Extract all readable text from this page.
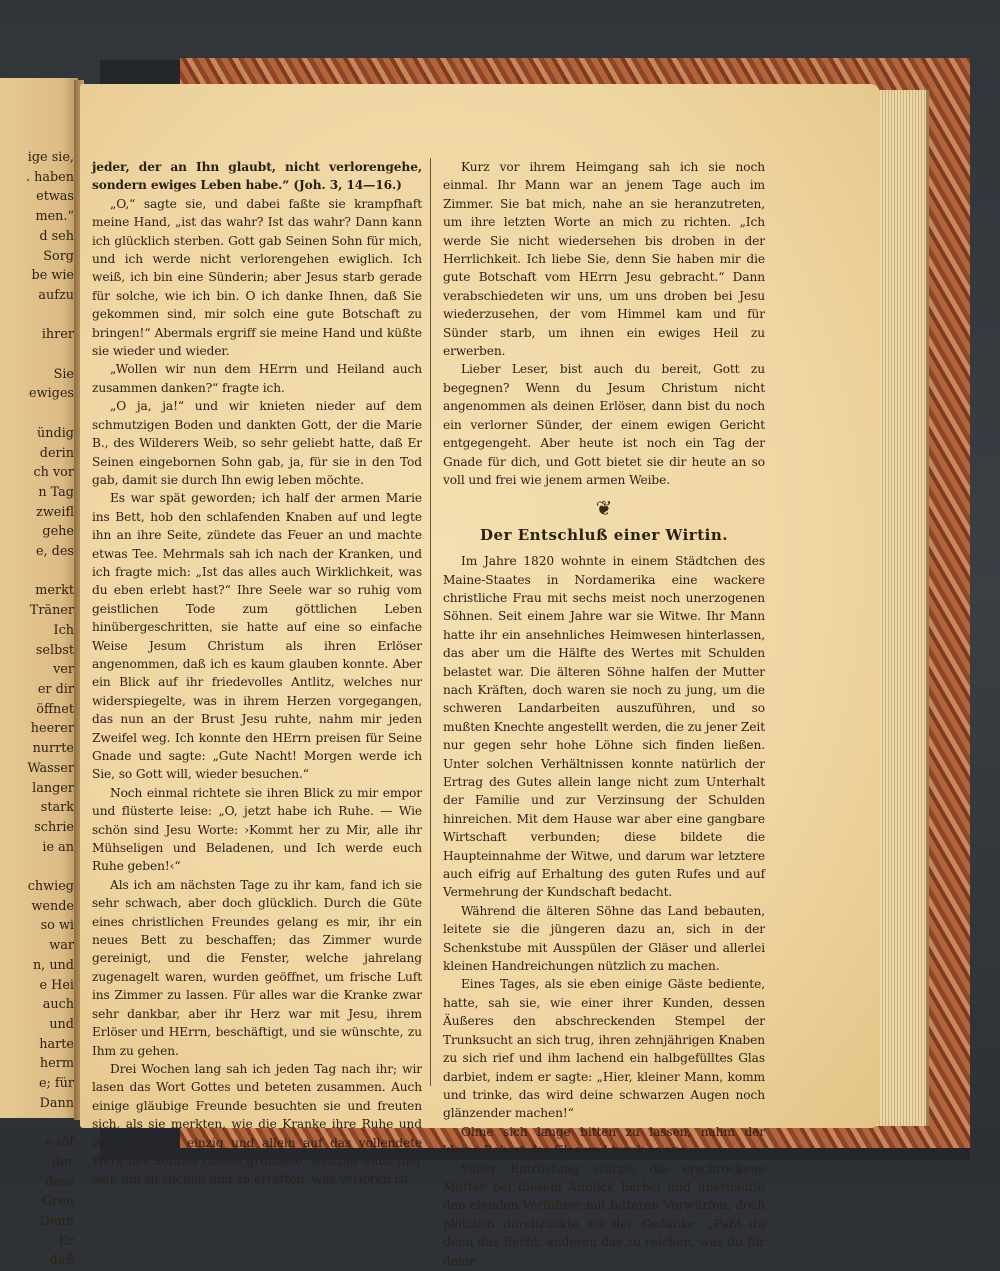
ige sie,
. haben
etwas
men.“
d seh
Sorg
be wie
aufzu

ihrer

Sie
ewiges

ündig
derin
ch vor
n Tag
zweifl
gehe
e, des

merkt
Träner
Ich
selbst
ver
er dir
öffnet
heerer
nurrte
Wasser
langer
stark
schrie
ie an

chwieg
wende
so wi
war
n, und
e Hei
auch
und
harte
herm
e; für
Dann

e töf
der
dass
Gren
Denn
Er
daß

jeder, der an Ihn glaubt, nicht verlorengehe, sondern ewiges Leben habe.“ (Joh. 3, 14—16.)

„O,“ sagte sie, und dabei faßte sie krampfhaft meine Hand, „ist das wahr? Ist das wahr? Dann kann ich glücklich sterben. Gott gab Seinen Sohn für mich, und ich werde nicht verlorengehen ewiglich. Ich weiß, ich bin eine Sünderin; aber Jesus starb gerade für solche, wie ich bin. O ich danke Ihnen, daß Sie gekommen sind, mir solch eine gute Botschaft zu bringen!“ Abermals ergriff sie meine Hand und küßte sie wieder und wieder.

„Wollen wir nun dem HErrn und Heiland auch zusammen danken?“ fragte ich.

„O ja, ja!“ und wir knieten nieder auf dem schmutzigen Boden und dankten Gott, der die Marie B., des Wilderers Weib, so sehr geliebt hatte, daß Er Seinen eingebornen Sohn gab, ja, für sie in den Tod gab, damit sie durch Ihn ewig leben möchte.

Es war spät geworden; ich half der armen Marie ins Bett, hob den schlafenden Knaben auf und legte ihn an ihre Seite, zündete das Feuer an und machte etwas Tee. Mehrmals sah ich nach der Kranken, und ich fragte mich: „Ist das alles auch Wirklichkeit, was du eben erlebt hast?“ Ihre Seele war so ruhig vom geistlichen Tode zum göttlichen Leben hinübergeschritten, sie hatte auf eine so einfache Weise Jesum Christum als ihren Erlöser angenommen, daß ich es kaum glauben konnte. Aber ein Blick auf ihr friedevolles Antlitz, welches nur widerspiegelte, was in ihrem Herzen vorgegangen, das nun an der Brust Jesu ruhte, nahm mir jeden Zweifel weg. Ich konnte den HErrn preisen für Seine Gnade und sagte: „Gute Nacht! Morgen werde ich Sie, so Gott will, wieder besuchen.“

Noch einmal richtete sie ihren Blick zu mir empor und flüsterte leise: „O, jetzt habe ich Ruhe. — Wie schön sind Jesu Worte: ›Kommt her zu Mir, alle ihr Mühseligen und Beladenen, und Ich werde euch Ruhe geben!‹“

Als ich am nächsten Tage zu ihr kam, fand ich sie sehr schwach, aber doch glücklich. Durch die Güte eines christlichen Freundes gelang es mir, ihr ein neues Bett zu beschaffen; das Zimmer wurde gereinigt, und die Fenster, welche jahrelang zugenagelt waren, wurden geöffnet, um frische Luft ins Zimmer zu lassen. Für alles war die Kranke zwar sehr dankbar, aber ihr Herz war mit Jesu, ihrem Erlöser und HErrn, beschäftigt, und sie wünschte, zu Ihm zu gehen.

Drei Wochen lang sah ich jeden Tag nach ihr; wir lasen das Wort Gottes und beteten zusammen. Auch einige gläubige Freunde besuchten sie und freuten sich, als sie merkten, wie die Kranke ihre Ruhe und ihren Frieden einzig und allein auf das vollendete Werk des Sohnes Gottes gründete, welcher einst hier war, um zu suchen und zu erretten, was verloren ist.

Kurz vor ihrem Heimgang sah ich sie noch einmal. Ihr Mann war an jenem Tage auch im Zimmer. Sie bat mich, nahe an sie heranzutreten, um ihre letzten Worte an mich zu richten. „Ich werde Sie nicht wiedersehen bis droben in der Herrlichkeit. Ich liebe Sie, denn Sie haben mir die gute Botschaft vom HErrn Jesu gebracht.“ Dann verabschiedeten wir uns, um uns droben bei Jesu wiederzusehen, der vom Himmel kam und für Sünder starb, um ihnen ein ewiges Heil zu erwerben.

Lieber Leser, bist auch du bereit, Gott zu begegnen? Wenn du Jesum Christum nicht angenommen als deinen Erlöser, dann bist du noch ein verlorner Sünder, der einem ewigen Gericht entgegengeht. Aber heute ist noch ein Tag der Gnade für dich, und Gott bietet sie dir heute an so voll und frei wie jenem armen Weibe.

❦
Der Entschluß einer Wirtin.

Im Jahre 1820 wohnte in einem Städtchen des Maine-Staates in Nordamerika eine wackere christliche Frau mit sechs meist noch unerzogenen Söhnen. Seit einem Jahre war sie Witwe. Ihr Mann hatte ihr ein ansehnliches Heimwesen hinterlassen, das aber um die Hälfte des Wertes mit Schulden belastet war. Die älteren Söhne halfen der Mutter nach Kräften, doch waren sie noch zu jung, um die schweren Landarbeiten auszuführen, und so mußten Knechte angestellt werden, die zu jener Zeit nur gegen sehr hohe Löhne sich finden ließen. Unter solchen Verhältnissen konnte natürlich der Ertrag des Gutes allein lange nicht zum Unterhalt der Familie und zur Verzinsung der Schulden hinreichen. Mit dem Hause war aber eine gangbare Wirtschaft verbunden; diese bildete die Haupteinnahme der Witwe, und darum war letztere auch eifrig auf Erhaltung des guten Rufes und auf Vermehrung der Kundschaft bedacht.

Während die älteren Söhne das Land bebauten, leitete sie die jüngeren dazu an, sich in der Schenkstube mit Ausspülen der Gläser und allerlei kleinen Handreichungen nützlich zu machen.

Eines Tages, als sie eben einige Gäste bediente, hatte, sah sie, wie einer ihrer Kunden, dessen Äußeres den abschreckenden Stempel der Trunksucht an sich trug, ihren zehnjährigen Knaben zu sich rief und ihm lachend ein halbgefülltes Glas darbiet, indem er sagte: „Hier, kleiner Mann, komm und trinke, das wird deine schwarzen Augen noch glänzender machen!“

Ohne sich lange bitten zu lassen, nahm der kleine Robert das Glas und trank es aus.

Voller Entrüstung stürzte die erschrockene Mutter bei diesem Anblick herbei und überhäufte den elenden Verführer mit bitteren Vorwürfen; doch plötzlich durchzuckte sie der Gedanke: „Paßt du denn das Recht, anderen das zu reichen, was du für deine
